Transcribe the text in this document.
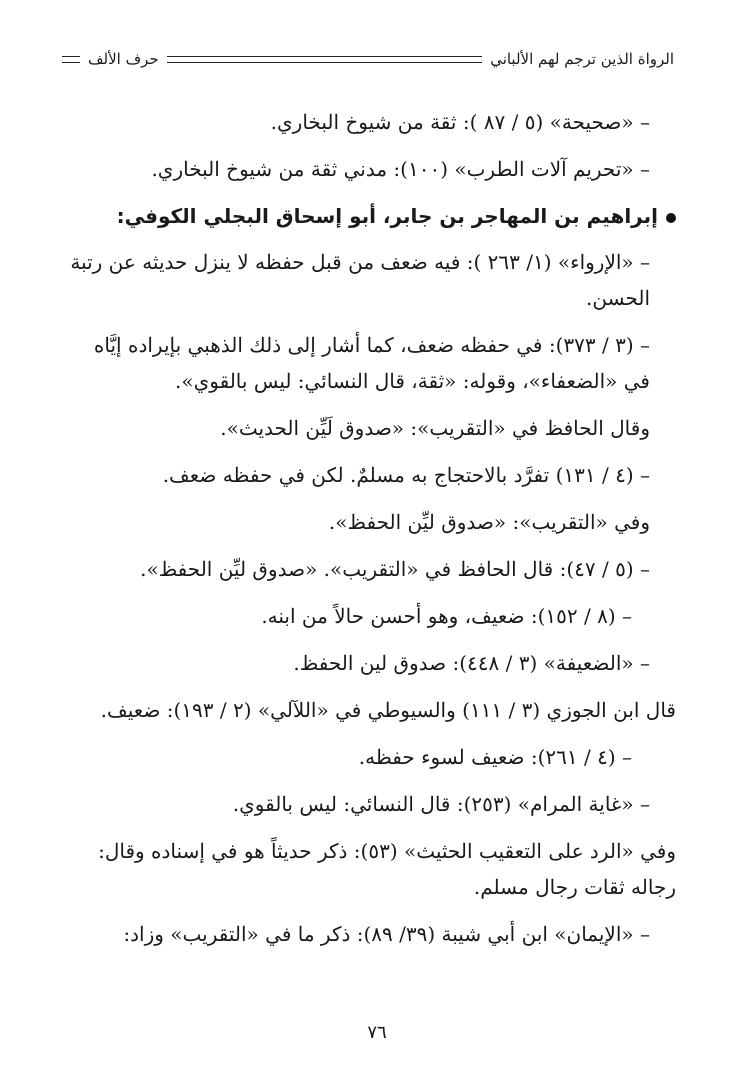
الرواة الذين ترجم لهم الألباني
حرف الألف

– «صحيحة» (٥ / ٨٧ ): ثقة من شيوخ البخاري.

– «تحريم آلات الطرب» (١٠٠): مدني ثقة من شيوخ البخاري.

إبراهيم بن المهاجر بن جابر، أبو إسحاق البجلي الكوفي:

– «الإرواء» (١/ ٢٦٣ ): فيه ضعف من قبل حفظه لا ينزل حديثه عن رتبة الحسن.

– (٣ / ٣٧٣): في حفظه ضعف، كما أشار إلى ذلك الذهبي بإيراده إيَّاه في «الضعفاء»، وقوله: «ثقة، قال النسائي: ليس بالقوي».

وقال الحافظ في «التقريب»: «صدوق لَيِّن الحديث».

– (٤ / ١٣١) تفرَّد بالاحتجاج به مسلمٌ. لكن في حفظه ضعف.

وفي «التقريب»: «صدوق ليِّن الحفظ».

– (٥ / ٤٧): قال الحافظ في «التقريب». «صدوق ليِّن الحفظ».

– (٨ / ١٥٢): ضعيف، وهو أحسن حالاً من ابنه.

– «الضعيفة» (٣ / ٤٤٨): صدوق لين الحفظ.

قال ابن الجوزي (٣ / ١١١) والسيوطي في «اللآلي» (٢ / ١٩٣): ضعيف.

– (٤ / ٢٦١): ضعيف لسوء حفظه.

– «غاية المرام» (٢٥٣): قال النسائي: ليس بالقوي.

وفي «الرد على التعقيب الحثيث» (٥٣): ذكر حديثاً هو في إسناده وقال: رجاله ثقات رجال مسلم.

– «الإيمان» ابن أبي شيبة (٣٩/ ٨٩): ذكر ما في «التقريب» وزاد:

٧٦
